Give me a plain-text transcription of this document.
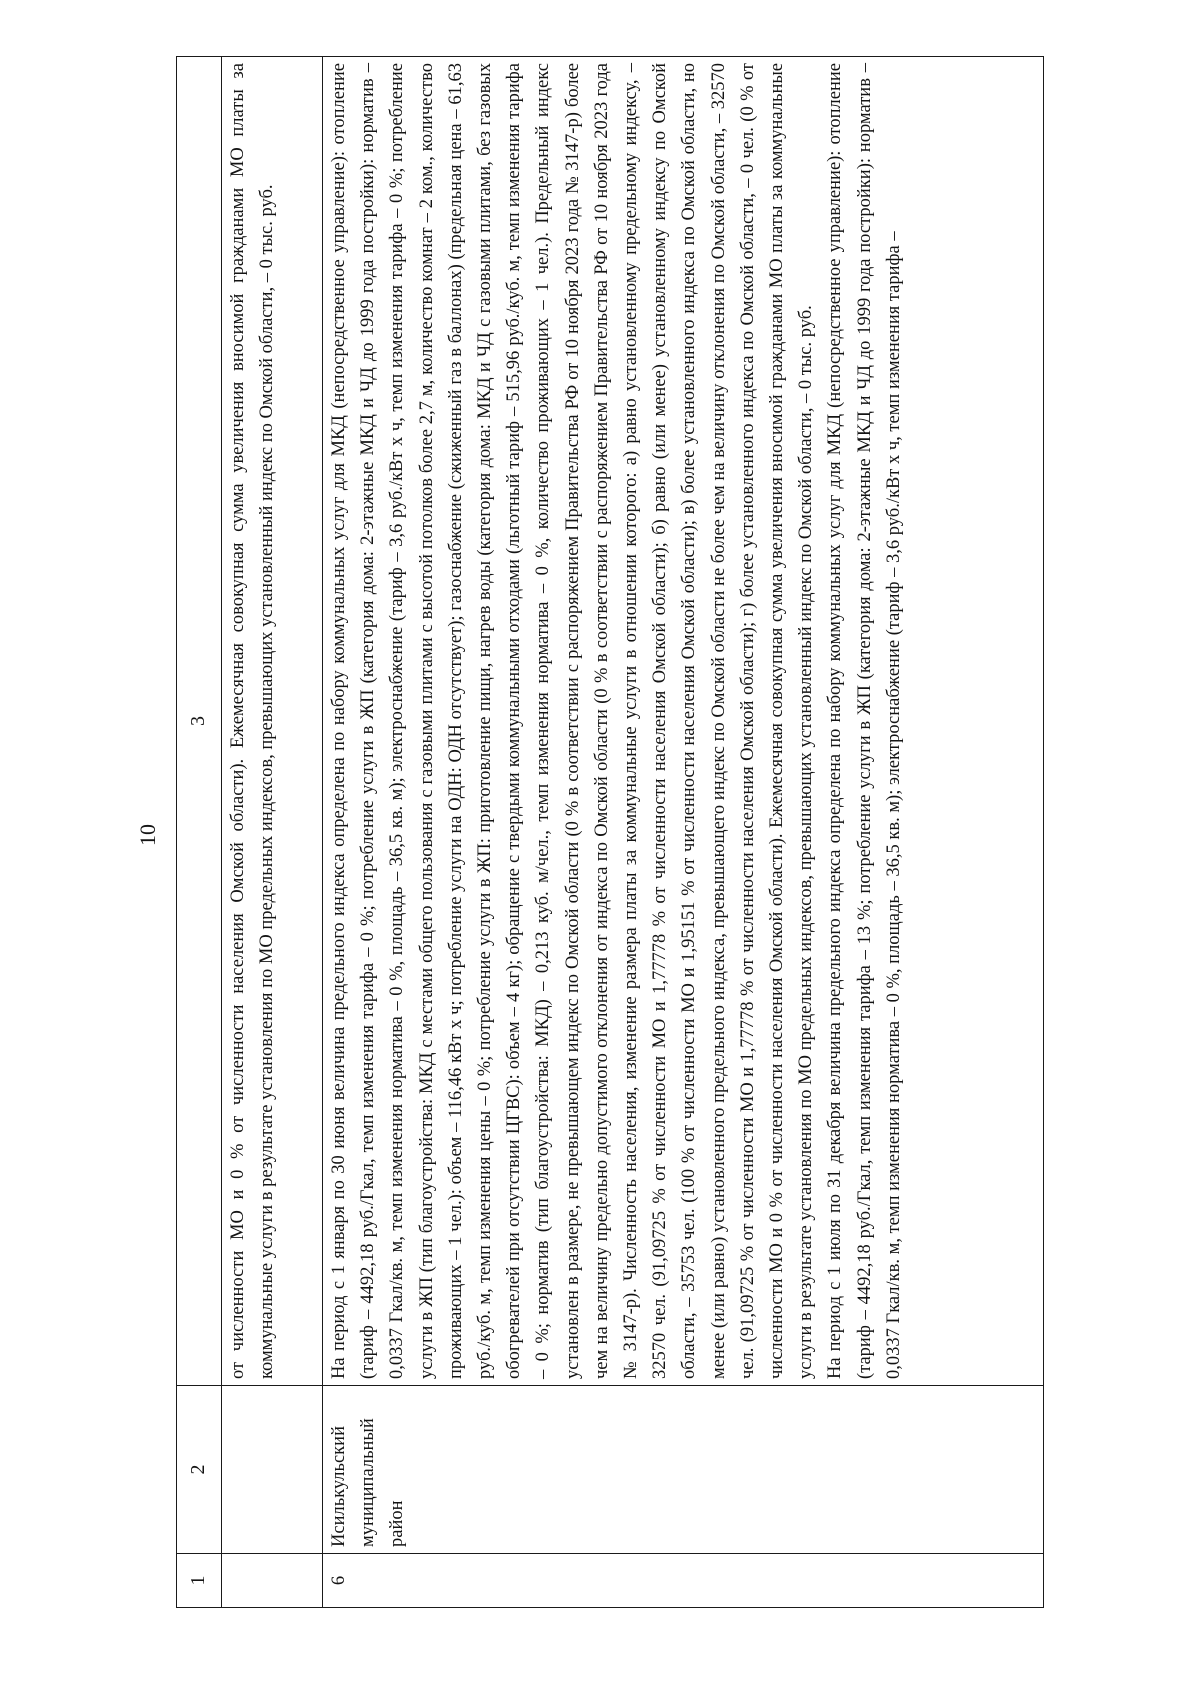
10
1	2	3
		от численности МО и 0 % от численности населения Омской области). Ежемесячная совокупная сумма увеличения вносимой гражданами МО платы за коммунальные услуги в результате установления по МО предельных индексов, превышающих установленный индекс по Омской области, – 0 тыс. руб.
6	Исилькульский муниципальный район	На период с 1 января по 30 июня величина предельного индекса определена по набору коммунальных услуг для МКД (непосредственное управление): отопление (тариф – 4492,18 руб./Гкал, темп изменения тарифа – 0 %; потребление услуги в ЖП (категория дома: 2-этажные МКД и ЧД до 1999 года постройки): норматив – 0,0337 Гкал/кв. м, темп изменения норматива – 0 %, площадь – 36,5 кв. м); электроснабжение (тариф – 3,6 руб./кВт х ч, темп изменения тарифа – 0 %; потребление услуги в ЖП (тип благоустройства: МКД с местами общего пользования с газовыми плитами с высотой потолков более 2,7 м, количество комнат – 2 ком., количество проживающих – 1 чел.): объем – 116,46 кВт х ч; потребление услуги на ОДН: ОДН отсутствует); газоснабжение (сжиженный газ в баллонах) (предельная цена – 61,63 руб./куб. м, темп изменения цены – 0 %; потребление услуги в ЖП: приготовление пищи, нагрев воды (категория дома: МКД и ЧД с газовыми плитами, без газовых обогревателей при отсутствии ЦГВС): объем – 4 кг); обращение с твердыми коммунальными отходами (льготный тариф – 515,96 руб./куб. м, темп изменения тарифа – 0 %; норматив (тип благоустройства: МКД) – 0,213 куб. м/чел., темп изменения норматива – 0 %, количество проживающих – 1 чел.). Предельный индекс установлен в размере, не превышающем индекс по Омской области (0 % в соответствии с распоряжением Правительства РФ от 10 ноября 2023 года № 3147-р) более чем на величину предельно допустимого отклонения от индекса по Омской области (0 % в соответствии с распоряжением Правительства РФ от 10 ноября 2023 года № 3147-р). Численность населения, изменение размера платы за коммунальные услуги в отношении которого: а) равно установленному предельному индексу, – 32570 чел. (91,09725 % от численности МО и 1,77778 % от численности населения Омской области); б) равно (или менее) установленному индексу по Омской области, – 35753 чел. (100 % от численности МО и 1,95151 % от численности населения Омской области); в) более установленного индекса по Омской области, но менее (или равно) установленного предельного индекса, превышающего индекс по Омской области не более чем на величину отклонения по Омской области, – 32570 чел. (91,09725 % от численности МО и 1,77778 % от численности населения Омской области); г) более установленного индекса по Омской области, – 0 чел. (0 % от численности МО и 0 % от численности населения Омской области). Ежемесячная совокупная сумма увеличения вносимой гражданами МО платы за коммунальные услуги в результате установления по МО предельных индексов, превышающих установленный индекс по Омской области, – 0 тыс. руб. На период с 1 июля по 31 декабря величина предельного индекса определена по набору коммунальных услуг для МКД (непосредственное управление): отопление (тариф – 4492,18 руб./Гкал, темп изменения тарифа – 13 %; потребление услуги в ЖП (категория дома: 2-этажные МКД и ЧД до 1999 года постройки): норматив – 0,0337 Гкал/кв. м, темп изменения норматива – 0 %, площадь – 36,5 кв. м); электроснабжение (тариф – 3,6 руб./кВт х ч, темп изменения тарифа –
